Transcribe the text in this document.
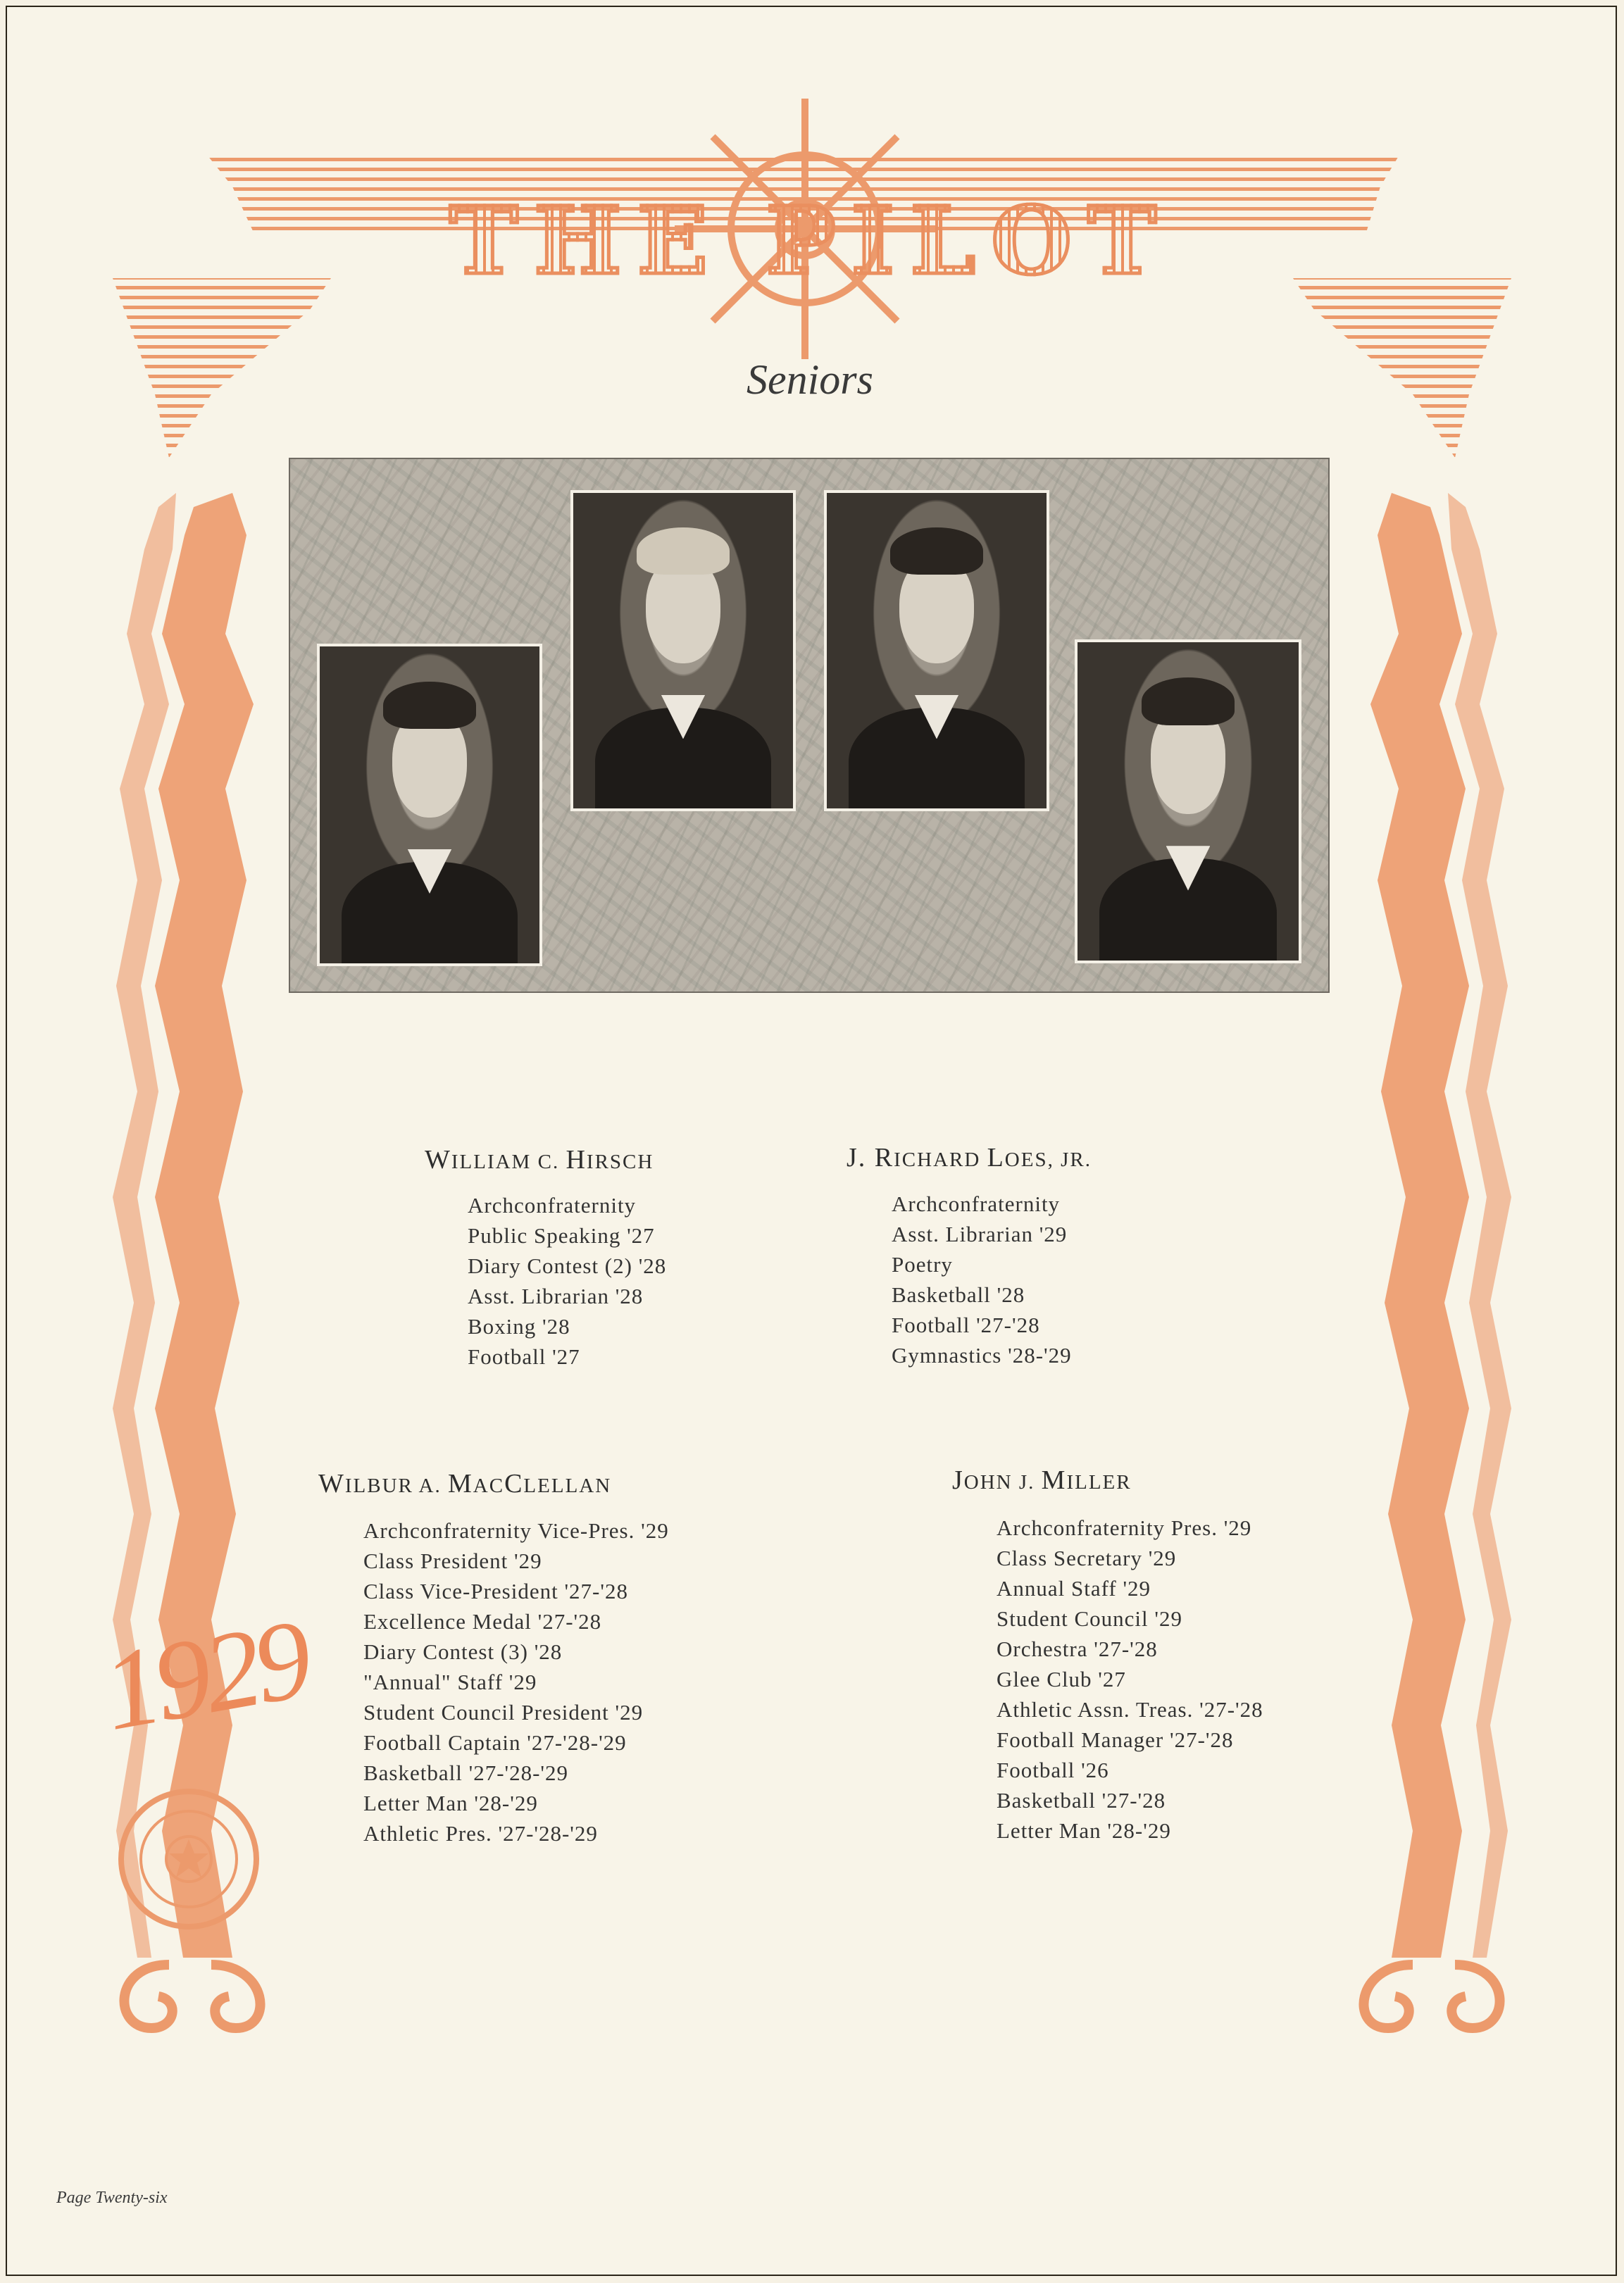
T H E P I L O T
Seniors
WILLIAM C. HIRSCH
Archconfraternity
Public Speaking '27
Diary Contest (2) '28
Asst. Librarian '28
Boxing '28
Football '27
J. RICHARD LOES, JR.
Archconfraternity
Asst. Librarian '29
Poetry
Basketball '28
Football '27-'28
Gymnastics '28-'29
WILBUR A. MACCLELLAN
Archconfraternity Vice-Pres. '29
Class President '29
Class Vice-President '27-'28
Excellence Medal '27-'28
Diary Contest (3) '28
"Annual" Staff '29
Student Council President '29
Football Captain '27-'28-'29
Basketball '27-'28-'29
Letter Man '28-'29
Athletic Pres. '27-'28-'29
JOHN J. MILLER
Archconfraternity Pres. '29
Class Secretary '29
Annual Staff '29
Student Council '29
Orchestra '27-'28
Glee Club '27
Athletic Assn. Treas. '27-'28
Football Manager '27-'28
Football '26
Basketball '27-'28
Letter Man '28-'29
1929
Page Twenty-six
